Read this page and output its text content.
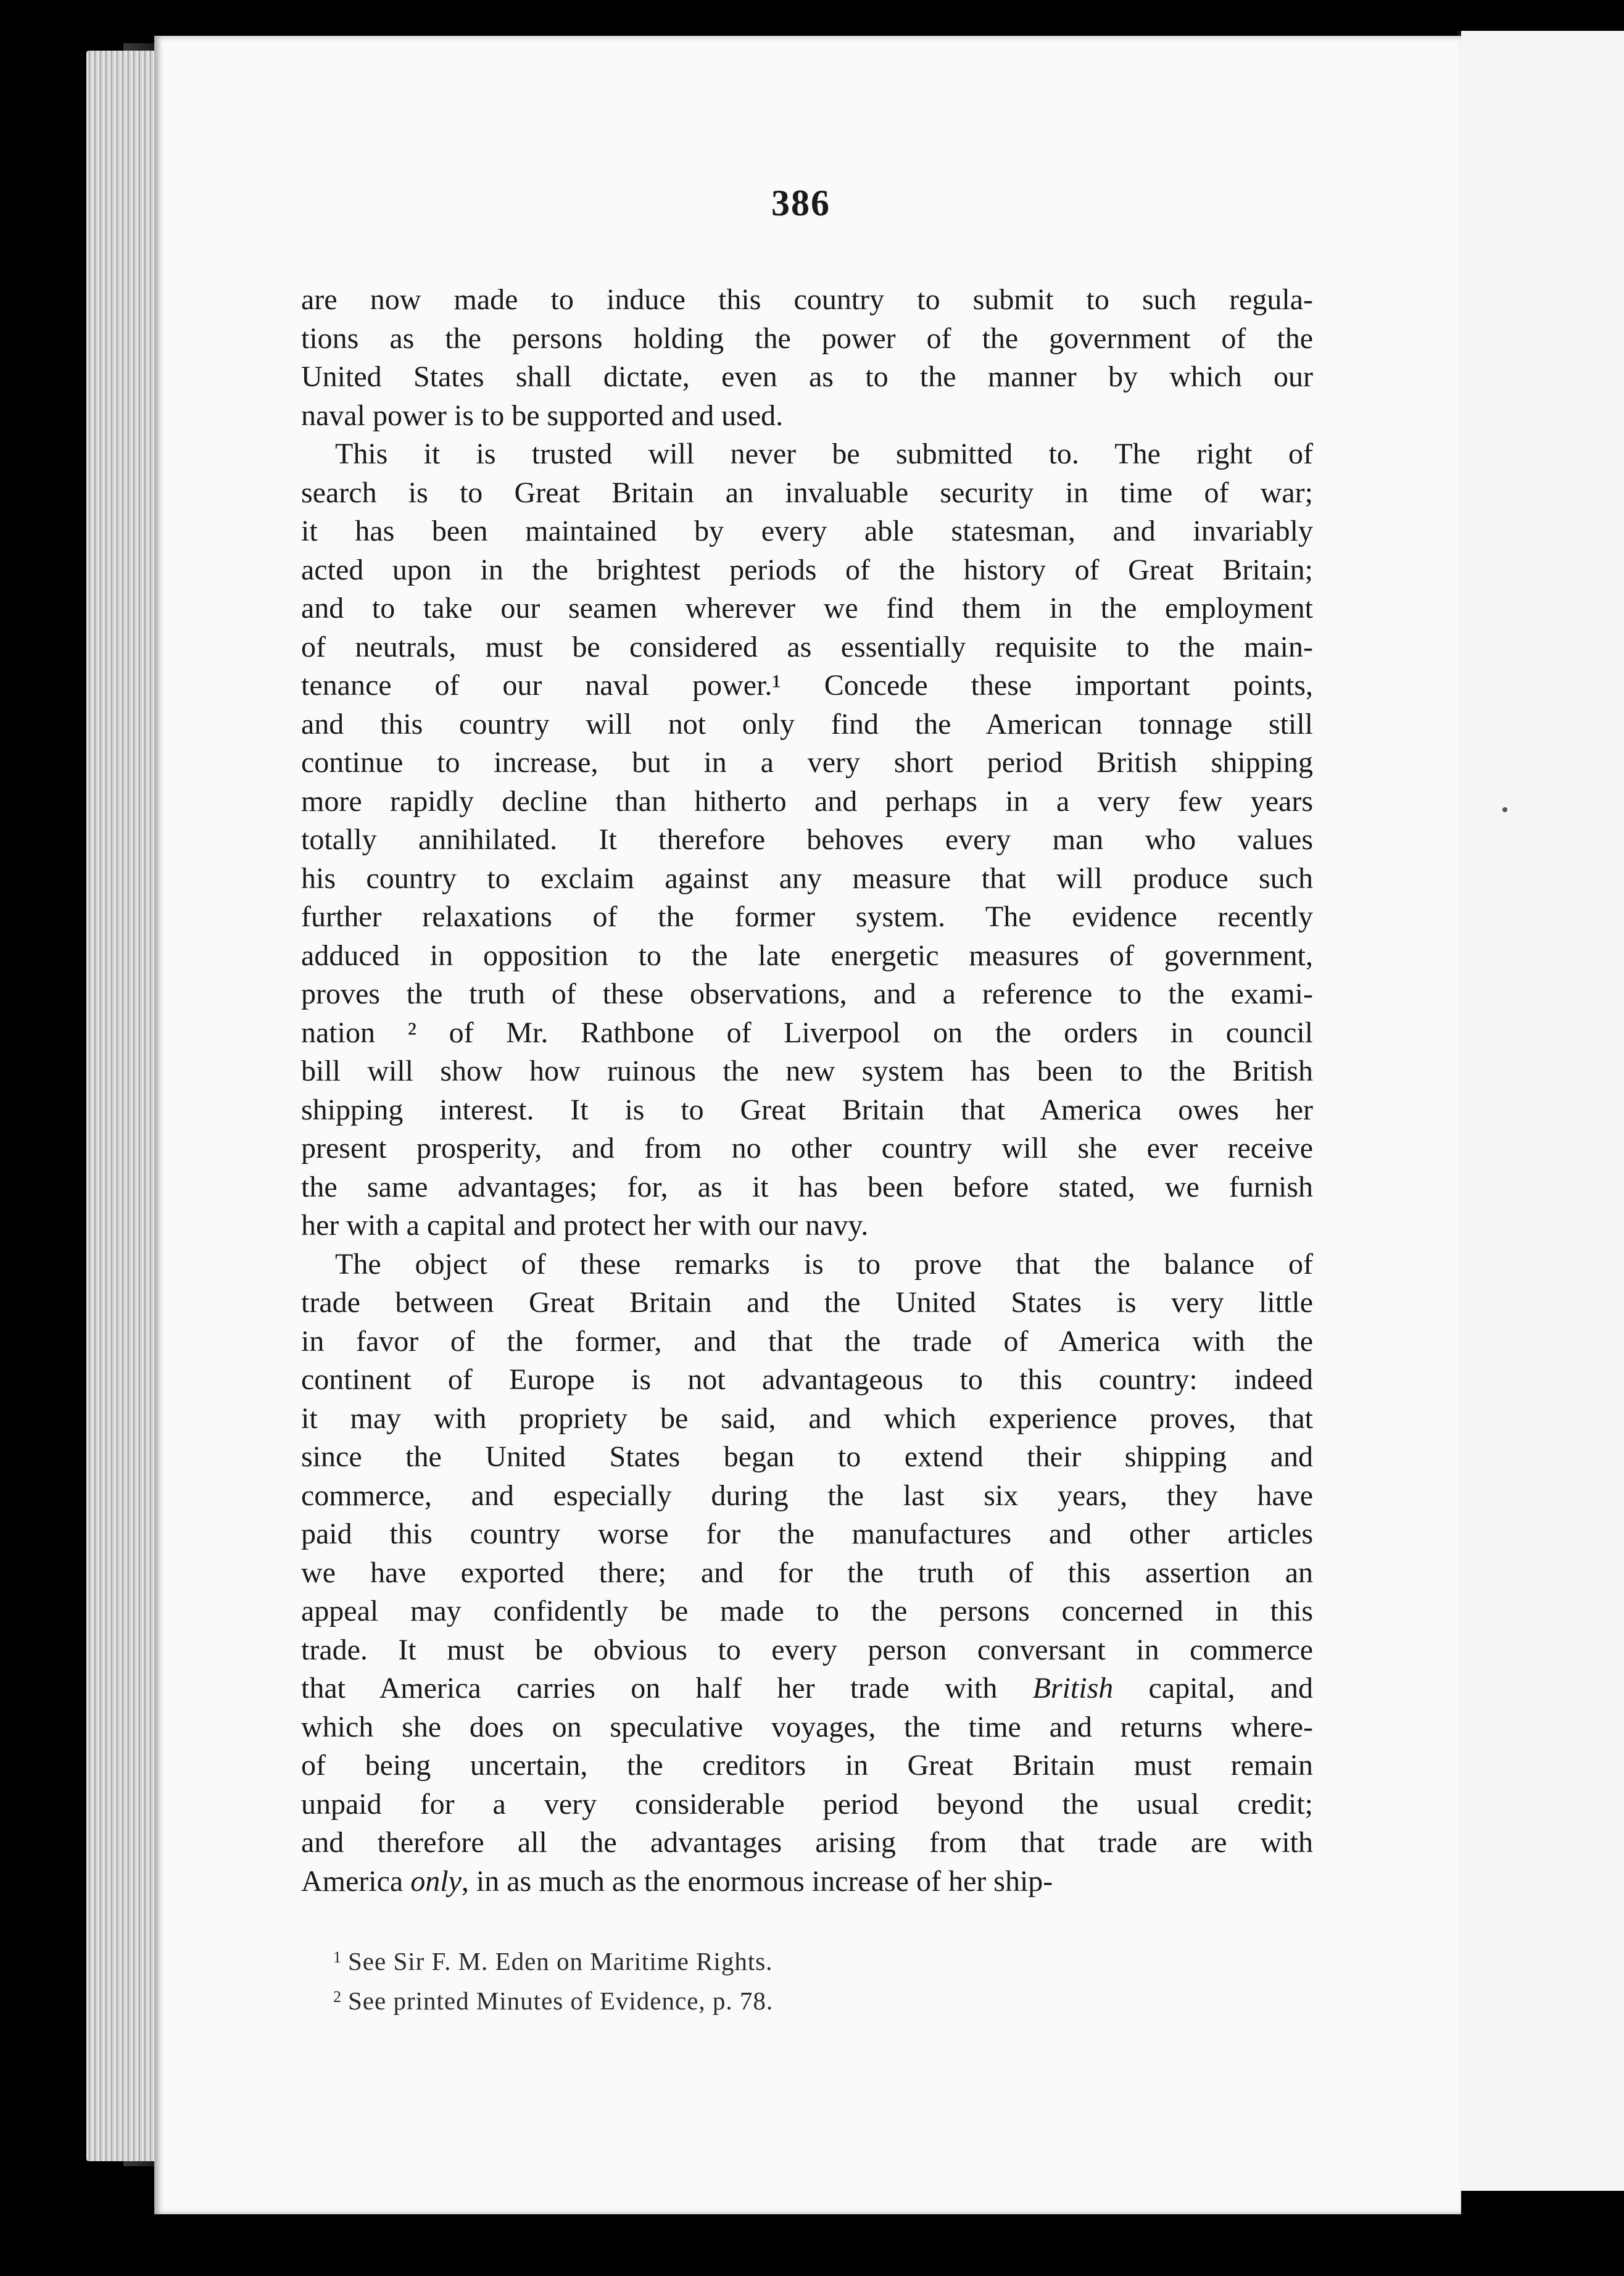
386
are now made to induce this country to submit to such regula-
tions as the persons holding the power of the government of the
United States shall dictate, even as to the manner by which our
naval power is to be supported and used.
This it is trusted will never be submitted to. The right of
search is to Great Britain an invaluable security in time of war;
it has been maintained by every able statesman, and invariably
acted upon in the brightest periods of the history of Great Britain;
and to take our seamen wherever we find them in the employment
of neutrals, must be considered as essentially requisite to the main-
tenance of our naval power.¹ Concede these important points,
and this country will not only find the American tonnage still
continue to increase, but in a very short period British shipping
more rapidly decline than hitherto and perhaps in a very few years
totally annihilated. It therefore behoves every man who values
his country to exclaim against any measure that will produce such
further relaxations of the former system. The evidence recently
adduced in opposition to the late energetic measures of government,
proves the truth of these observations, and a reference to the exami-
nation ² of Mr. Rathbone of Liverpool on the orders in council
bill will show how ruinous the new system has been to the British
shipping interest. It is to Great Britain that America owes her
present prosperity, and from no other country will she ever receive
the same advantages; for, as it has been before stated, we furnish
her with a capital and protect her with our navy.
The object of these remarks is to prove that the balance of
trade between Great Britain and the United States is very little
in favor of the former, and that the trade of America with the
continent of Europe is not advantageous to this country: indeed
it may with propriety be said, and which experience proves, that
since the United States began to extend their shipping and
commerce, and especially during the last six years, they have
paid this country worse for the manufactures and other articles
we have exported there; and for the truth of this assertion an
appeal may confidently be made to the persons concerned in this
trade. It must be obvious to every person conversant in commerce
that America carries on half her trade with British capital, and
which she does on speculative voyages, the time and returns where-
of being uncertain, the creditors in Great Britain must remain
unpaid for a very considerable period beyond the usual credit;
and therefore all the advantages arising from that trade are with
America only, in as much as the enormous increase of her ship-
$^1$ See Sir F. M. Eden on Maritime Rights.
$^2$ See printed Minutes of Evidence, p. 78.
